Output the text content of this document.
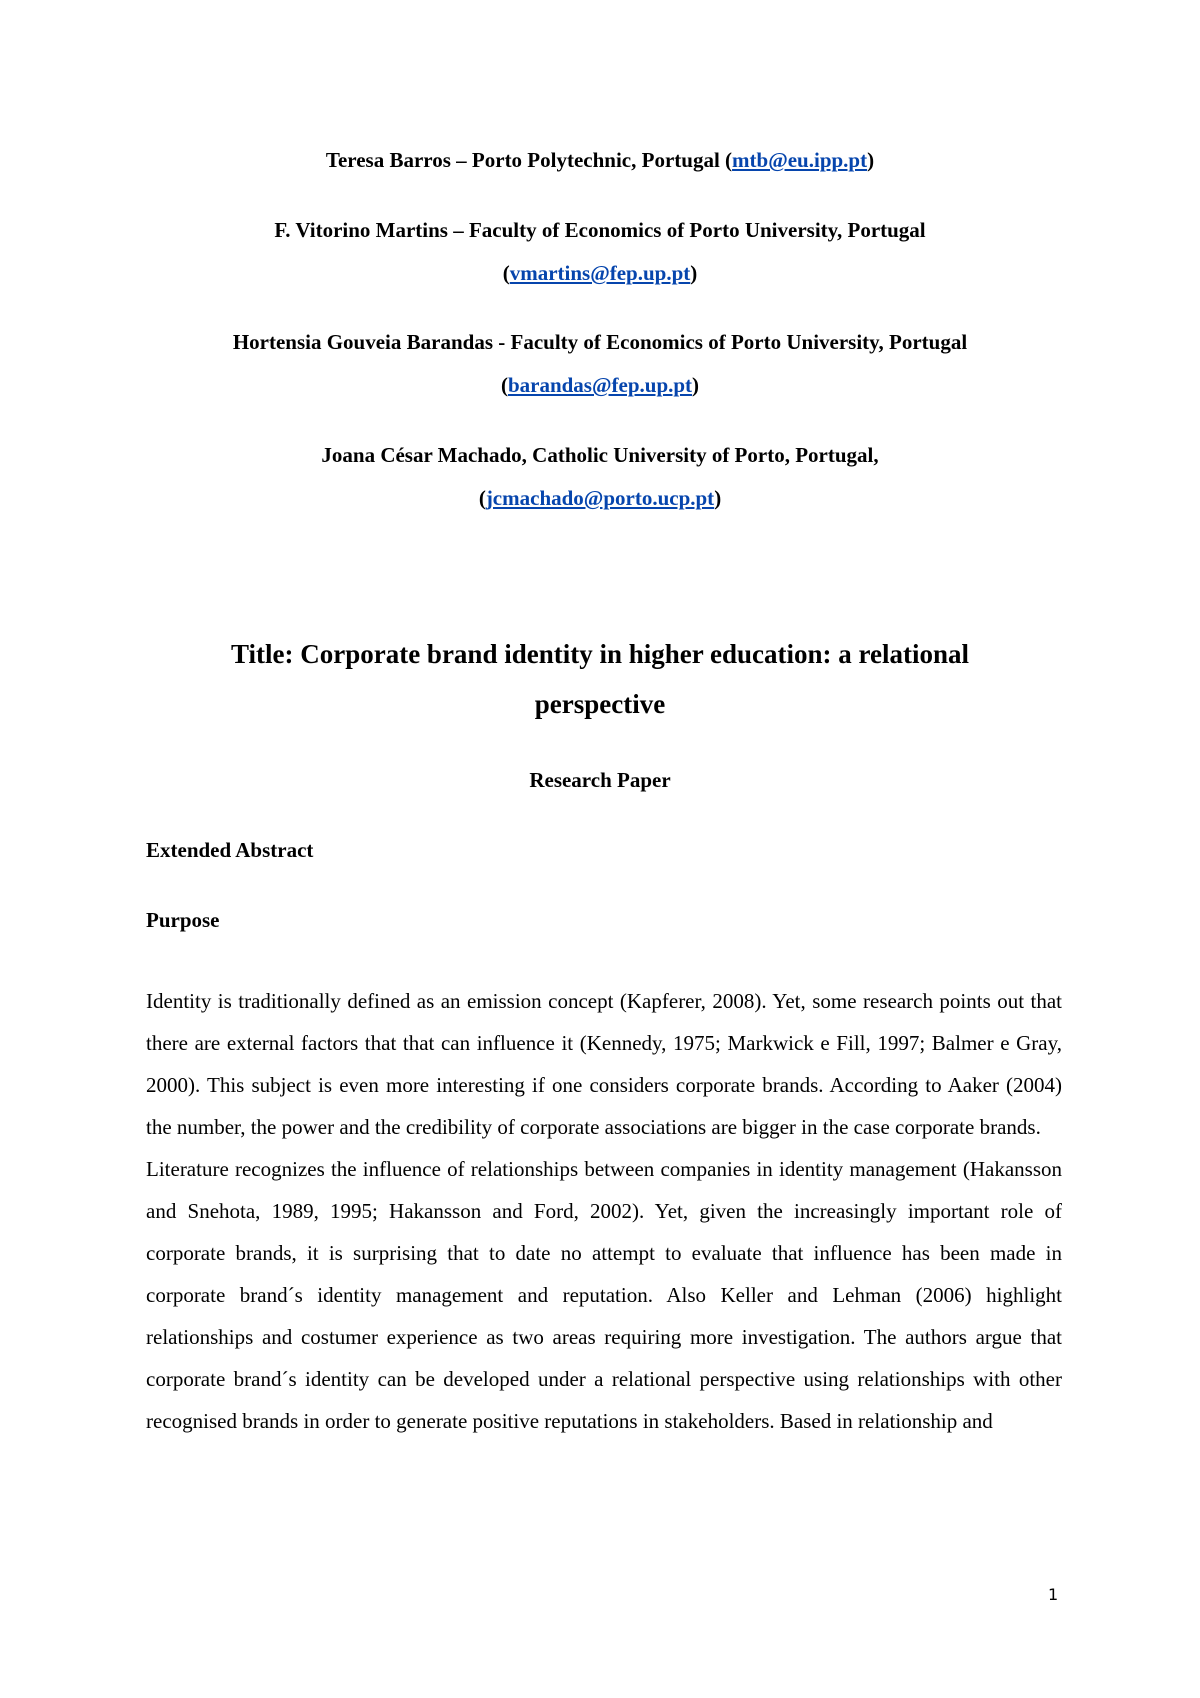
Teresa Barros – Porto Polytechnic, Portugal (mtb@eu.ipp.pt)
F. Vitorino Martins – Faculty of Economics of Porto University, Portugal
(vmartins@fep.up.pt)
Hortensia Gouveia Barandas - Faculty of Economics of Porto University, Portugal
(barandas@fep.up.pt)
Joana César Machado, Catholic University of Porto, Portugal,
(jcmachado@porto.ucp.pt)
Title: Corporate brand identity in higher education: a relational
perspective
Research Paper
Extended Abstract
Purpose

Identity is traditionally defined as an emission concept (Kapferer, 2008). Yet, some research points out that there are external factors that that can influence it (Kennedy, 1975; Markwick e Fill, 1997; Balmer e Gray, 2000). This subject is even more interesting if one considers corporate brands. According to Aaker (2004) the number, the power and the credibility of corporate associations are bigger in the case corporate brands.

Literature recognizes the influence of relationships between companies in identity management (Hakansson and Snehota, 1989, 1995; Hakansson and Ford, 2002). Yet, given the increasingly important role of corporate brands, it is surprising that to date no attempt to evaluate that influence has been made in corporate brand´s identity management and reputation. Also Keller and Lehman (2006) highlight relationships and costumer experience as two areas requiring more investigation. The authors argue that corporate brand´s identity can be developed under a relational perspective using relationships with other recognised brands in order to generate positive reputations in stakeholders. Based in relationship and

1
